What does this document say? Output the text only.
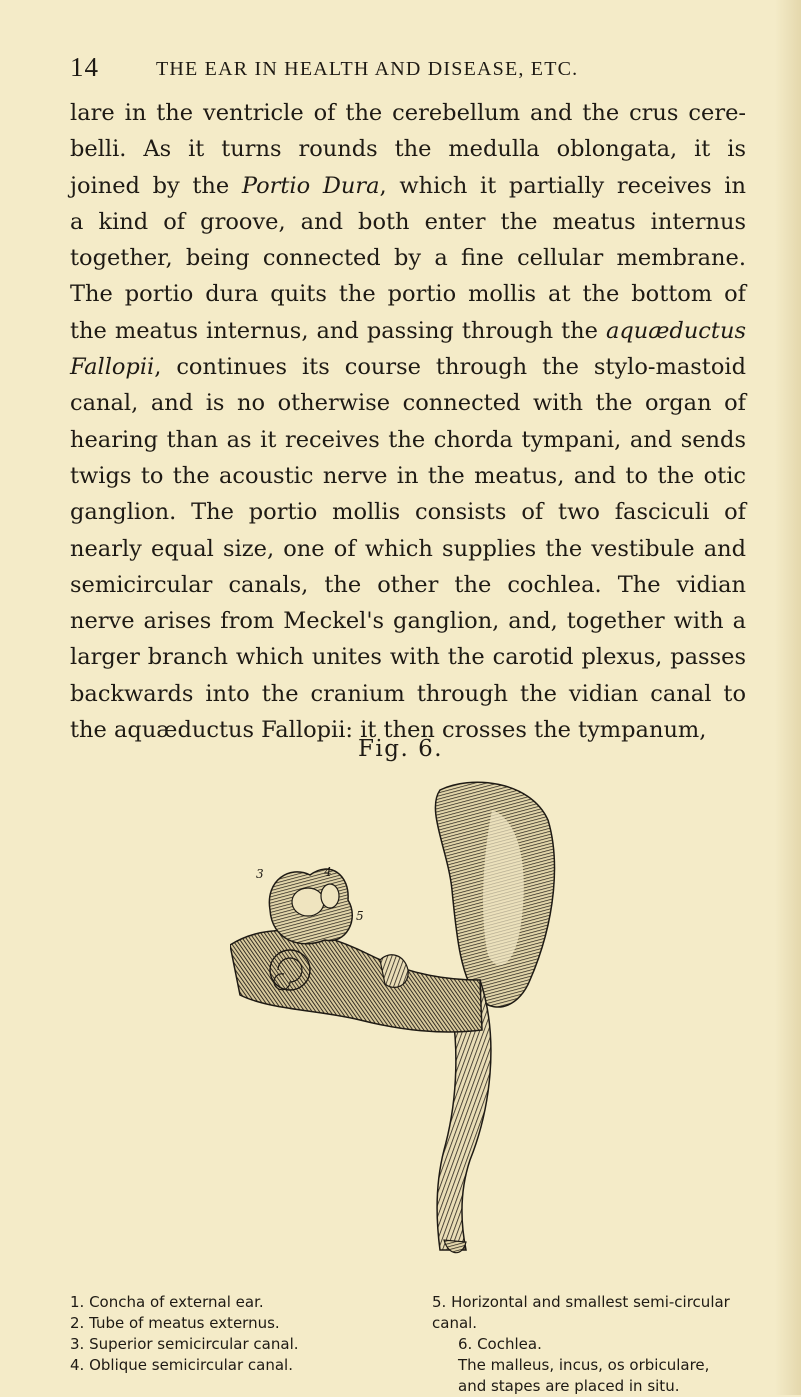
14	THE EAR IN HEALTH AND DISEASE, ETC.
lare in the ventricle of the cerebellum and the crus cere-
belli. As it turns rounds the medulla oblongata, it is
joined by the Portio Dura, which it partially receives in
a kind of groove, and both enter the meatus internus
together, being connected by a fine cellular membrane.
The portio dura quits the portio mollis at the bottom of
the meatus internus, and passing through the aquæductus
Fallopii, continues its course through the stylo-mastoid
canal, and is no otherwise connected with the organ of
hearing than as it receives the chorda tympani, and sends
twigs to the acoustic nerve in the meatus, and to the otic
ganglion. The portio mollis consists of two fasciculi of
nearly equal size, one of which supplies the vestibule and
semicircular canals, the other the cochlea. The vidian
nerve arises from Meckel's ganglion, and, together with a
larger branch which unites with the carotid plexus, passes
backwards into the cranium through the vidian canal to
the aquæductus Fallopii: it then crosses the tympanum,
Fig. 6.
3	4
5
1. Concha of external ear.
2. Tube of meatus externus.
3. Superior semicircular canal.
4. Oblique semicircular canal.
5. Horizontal and smallest semi-circular canal.
6. Cochlea.
The malleus, incus, os orbiculare, and stapes are placed in situ.
